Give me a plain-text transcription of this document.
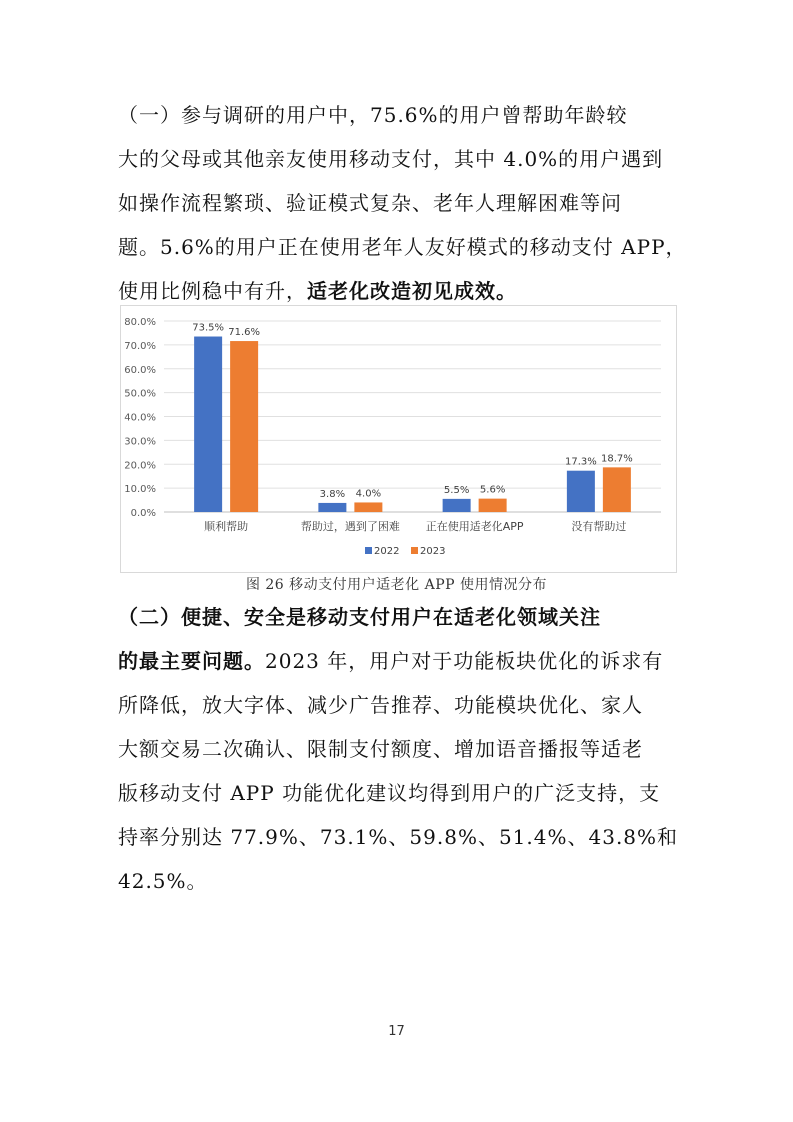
（一）参与调研的用户中，75.6%的用户曾帮助年龄较
大的父母或其他亲友使用移动支付，其中 4.0%的用户遇到
如操作流程繁琐、验证模式复杂、老年人理解困难等问
题。5.6%的用户正在使用老年人友好模式的移动支付 APP，
使用比例稳中有升，适老化改造初见成效。
0.0%
10.0%
20.0%
30.0%
40.0%
50.0%
60.0%
70.0%
80.0%
顺利帮助
73.5% 71.6%
帮助过，遇到了困难
3.8% 4.0%
正在使用适老化APP
5.5% 5.6%
没有帮助过
17.3% 18.7%
2022 2023
图 26 移动支付用户适老化 APP 使用情况分布
（二）便捷、安全是移动支付用户在适老化领域关注
的最主要问题。2023 年，用户对于功能板块优化的诉求有
所降低，放大字体、减少广告推荐、功能模块优化、家人
大额交易二次确认、限制支付额度、增加语音播报等适老
版移动支付 APP 功能优化建议均得到用户的广泛支持，支
持率分别达 77.9%、73.1%、59.8%、51.4%、43.8%和
42.5%。
17
